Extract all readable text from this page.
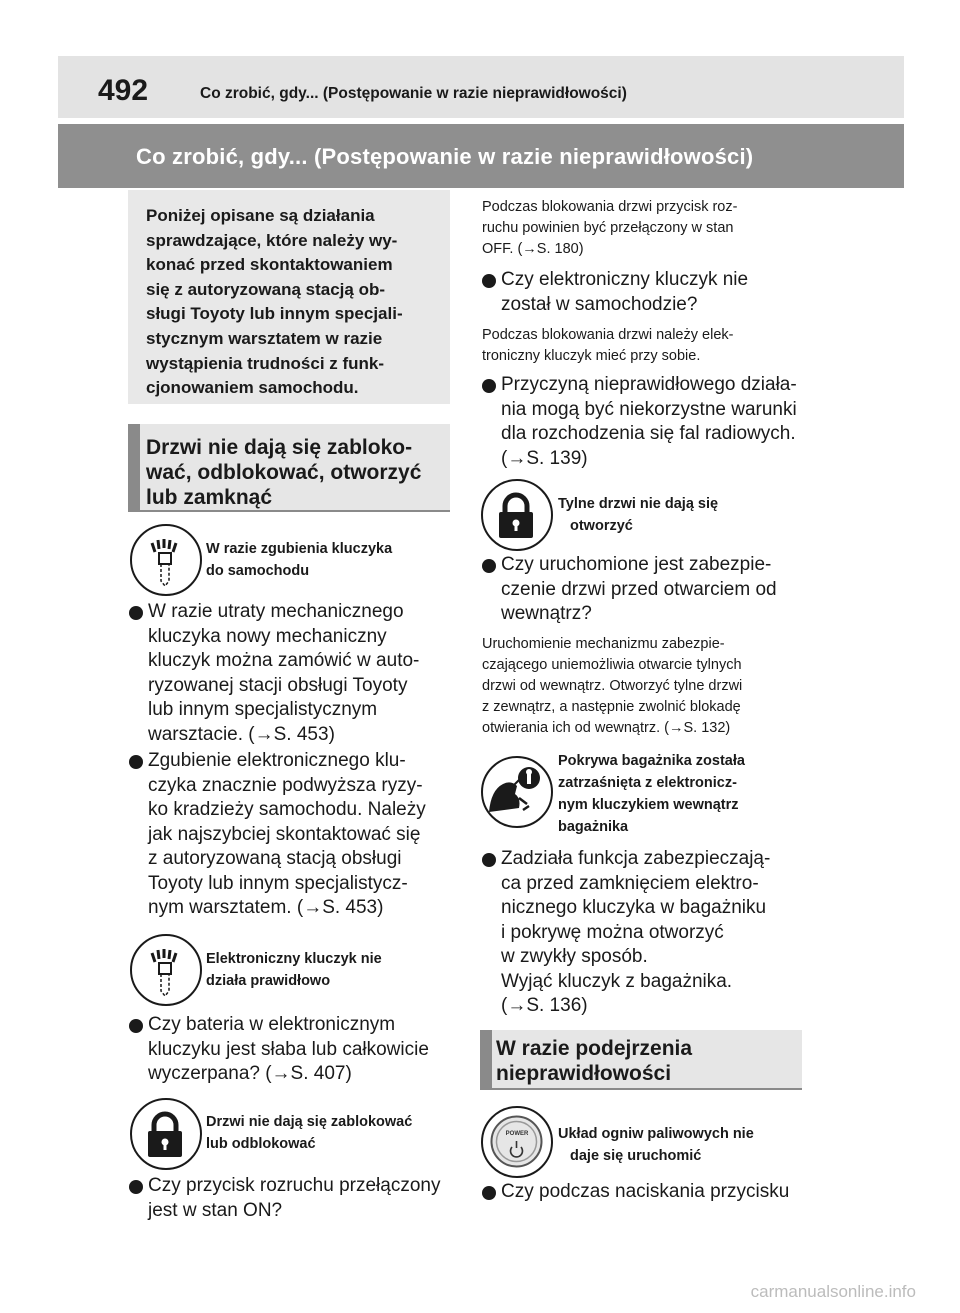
492	Co zrobić, gdy... (Postępowanie w razie nieprawidłowości)
Co zrobić, gdy... (Postępowanie w razie nieprawidłowości)
Poniżej opisane są działania
sprawdzające, które należy wy-
konać przed skontaktowaniem
się z autoryzowaną stacją ob-
sługi Toyoty lub innym specjali-
stycznym warsztatem w razie
wystąpienia trudności z funk-
cjonowaniem samochodu.
Drzwi nie dają się zabloko-
wać, odblokować, otworzyć
lub zamknąć
W razie zgubienia kluczyka
do samochodu
W razie utraty mechanicznego
kluczyka nowy mechaniczny
kluczyk można zamówić w auto-
ryzowanej stacji obsługi Toyoty
lub innym specjalistycznym
warsztacie. (→S. 453)
Zgubienie elektronicznego klu-
czyka znacznie podwyższa ryzy-
ko kradzieży samochodu. Należy
jak najszybciej skontaktować się
z autoryzowaną stacją obsługi
Toyoty lub innym specjalistycz-
nym warsztatem. (→S. 453)
Elektroniczny kluczyk nie
działa prawidłowo
Czy bateria w elektronicznym
kluczyku jest słaba lub całkowicie
wyczerpana? (→S. 407)
Drzwi nie dają się zablokować
lub odblokować
Czy przycisk rozruchu przełączony
jest w stan ON?
Podczas blokowania drzwi przycisk roz-
ruchu powinien być przełączony w stan
OFF. (→S. 180)
Czy elektroniczny kluczyk nie
został w samochodzie?
Podczas blokowania drzwi należy elek-
troniczny kluczyk mieć przy sobie.
Przyczyną nieprawidłowego działa-
nia mogą być niekorzystne warunki
dla rozchodzenia się fal radiowych.
(→S. 139)
Tylne drzwi nie dają się
otworzyć
Czy uruchomione jest zabezpie-
czenie drzwi przed otwarciem od
wewnątrz?
Uruchomienie mechanizmu zabezpie-
czającego uniemożliwia otwarcie tylnych
drzwi od wewnątrz. Otworzyć tylne drzwi
z zewnątrz, a następnie zwolnić blokadę
otwierania ich od wewnątrz. (→S. 132)
Pokrywa bagażnika została
zatrzaśnięta z elektronicz-
nym kluczykiem wewnątrz
bagażnika
Zadziała funkcja zabezpieczają-
ca przed zamknięciem elektro-
nicznego kluczyka w bagażniku
i pokrywę można otworzyć
w zwykły sposób.
Wyjąć kluczyk z bagażnika.
(→S. 136)
W razie podejrzenia
nieprawidłowości
POWER	Układ ogniw paliwowych nie
daje się uruchomić
Czy podczas naciskania przycisku
carmanualsonline.info
